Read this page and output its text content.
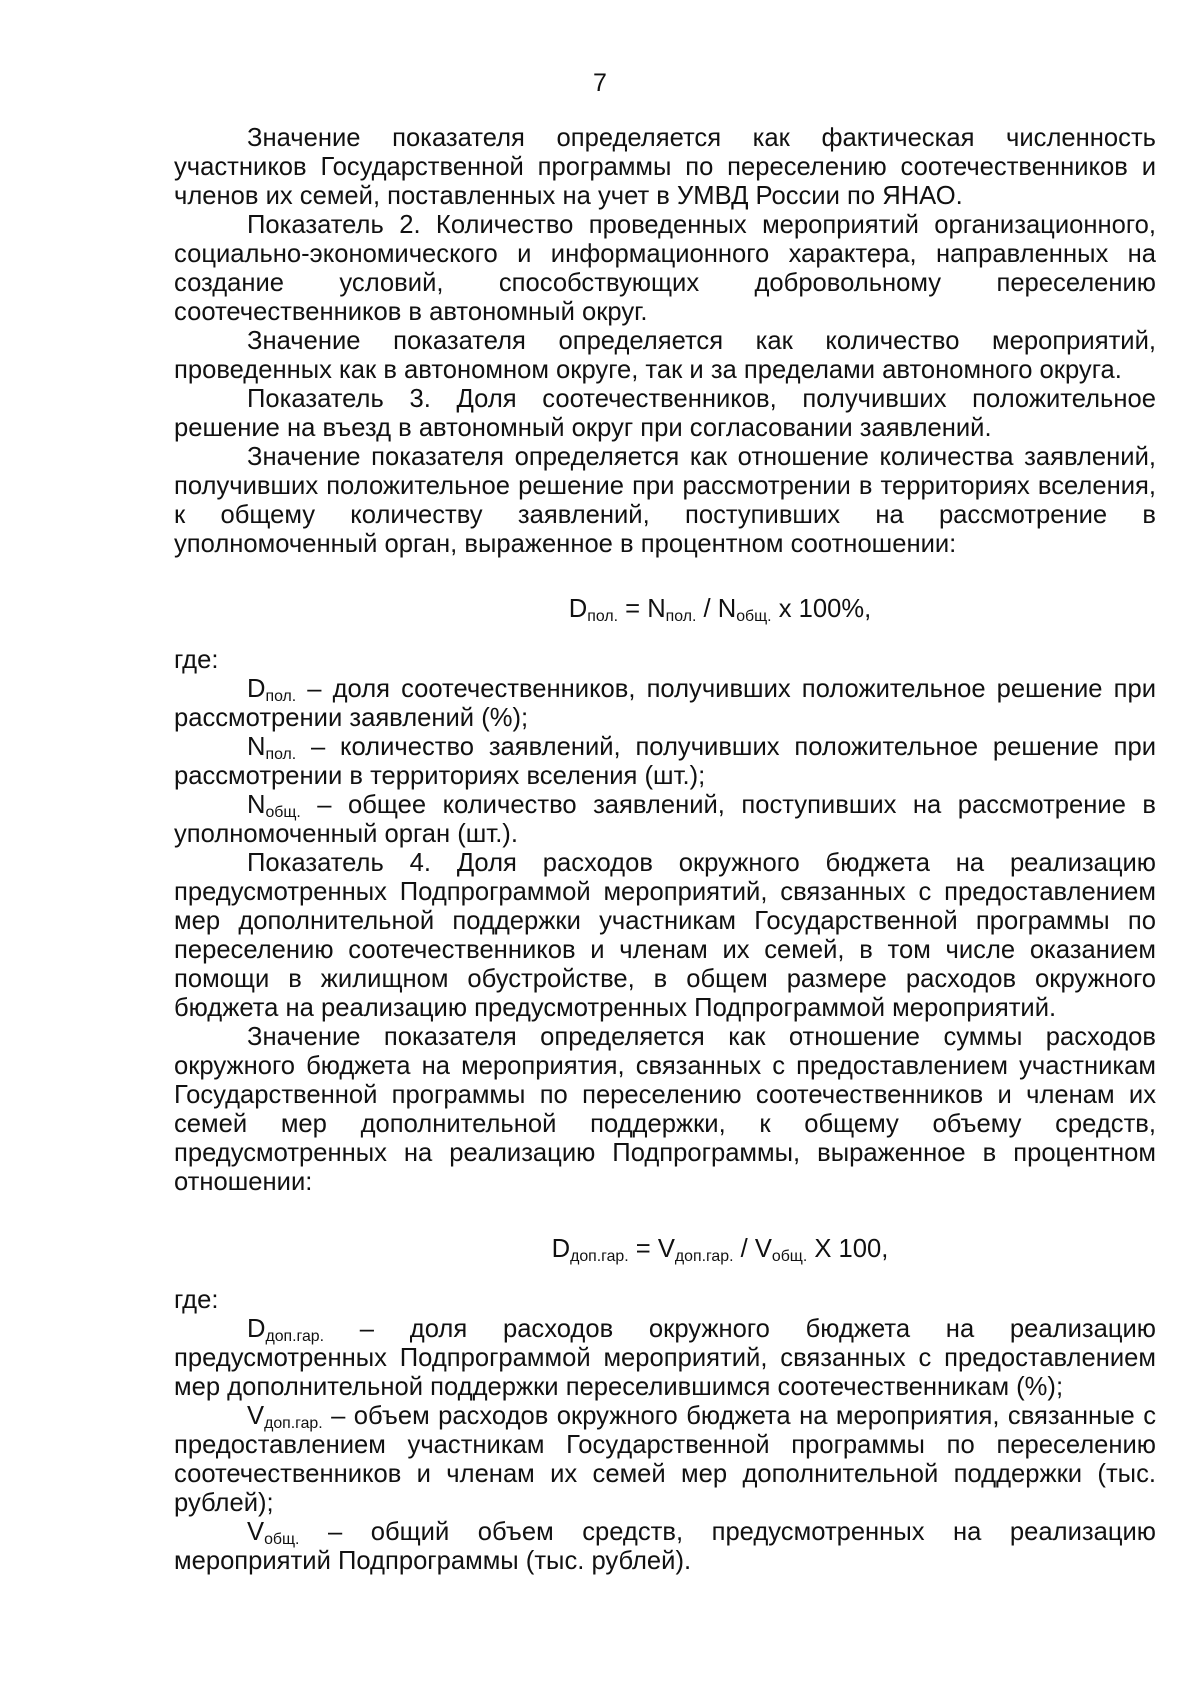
7

Значение показателя определяется как фактическая численность участников Государственной программы по переселению соотечественников и членов их семей, поставленных на учет в УМВД России по ЯНАО.

Показатель 2. Количество проведенных мероприятий организационного, социально-экономического и информационного характера, направленных на создание условий, способствующих добровольному переселению соотечественников в автономный округ.

Значение показателя определяется как количество мероприятий, проведенных как в автономном округе, так и за пределами автономного округа.

Показатель 3. Доля соотечественников, получивших положительное решение на въезд в автономный округ при согласовании заявлений.

Значение показателя определяется как отношение количества заявлений, получивших положительное решение при рассмотрении в территориях вселения, к общему количеству заявлений, поступивших на рассмотрение в уполномоченный орган, выраженное в процентном соотношении:

$D_{пол.} = N_{пол.} / N_{общ.}$ х 100%,

где:

$D_{пол.}$ – доля соотечественников, получивших положительное решение при рассмотрении заявлений (%);

$N_{пол.}$ – количество заявлений, получивших положительное решение при рассмотрении в территориях вселения (шт.);

$N_{общ.}$ – общее количество заявлений, поступивших на рассмотрение в уполномоченный орган (шт.).

Показатель 4. Доля расходов окружного бюджета на реализацию предусмотренных Подпрограммой мероприятий, связанных с предоставлением мер дополнительной поддержки участникам Государственной программы по переселению соотечественников и членам их семей, в том числе оказанием помощи в жилищном обустройстве, в общем размере расходов окружного бюджета на реализацию предусмотренных Подпрограммой мероприятий.

Значение показателя определяется как отношение суммы расходов окружного бюджета на мероприятия, связанных с предоставлением участникам Государственной программы по переселению соотечественников и членам их семей мер дополнительной поддержки, к общему объему средств, предусмотренных на реализацию Подпрограммы, выраженное в процентном отношении:

$D_{доп.гар.} = V_{доп.гар.} / V_{общ.}$ Х 100,

где:

$D_{доп.гар.}$ – доля расходов окружного бюджета на реализацию предусмотренных Подпрограммой мероприятий, связанных с предоставлением мер дополнительной поддержки переселившимся соотечественникам (%);

$V_{доп.гар.}$ – объем расходов окружного бюджета на мероприятия, связанные с предоставлением участникам Государственной программы по переселению соотечественников и членам их семей мер дополнительной поддержки (тыс. рублей);

$V_{общ.}$ – общий объем средств, предусмотренных на реализацию мероприятий Подпрограммы (тыс. рублей).
